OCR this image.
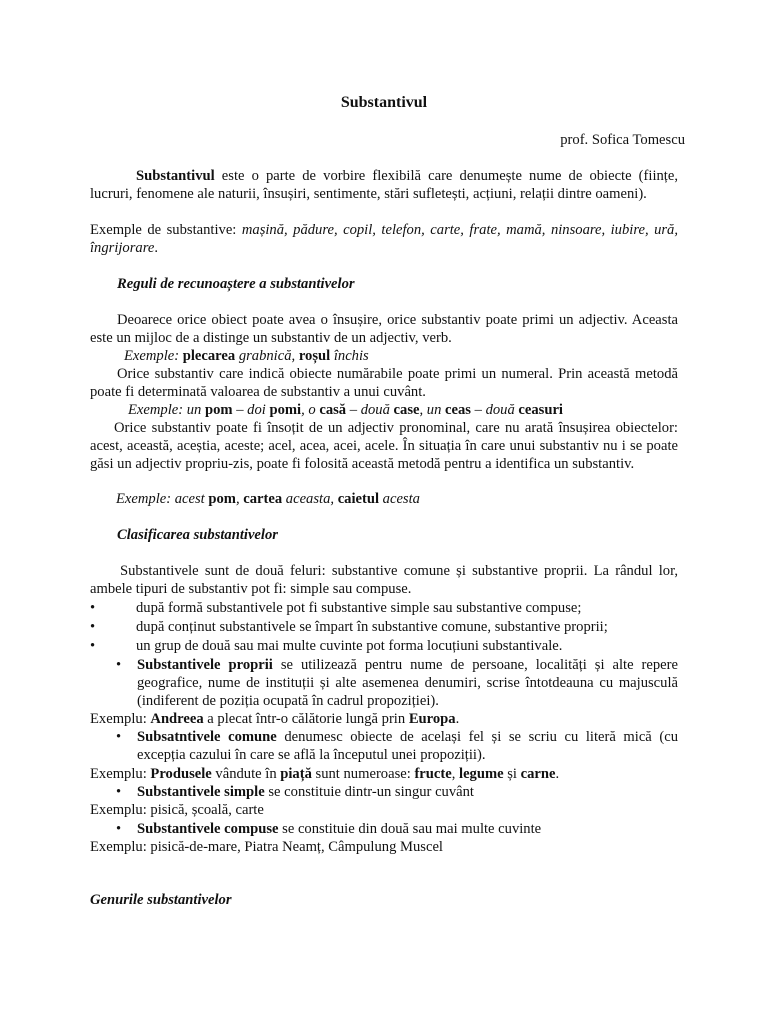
Substantivul
prof. Sofica Tomescu

Substantivul este o parte de vorbire flexibilă care denumește nume de obiecte (ființe, lucruri, fenomene ale naturii, însușiri, sentimente, stări sufletești, acțiuni, relații dintre oameni).

Exemple de substantive: mașină, pădure, copil, telefon, carte, frate, mamă, ninsoare, iubire, ură, îngrijorare.

Reguli de recunoaștere a substantivelor

Deoarece orice obiect poate avea o însușire, orice substantiv poate primi un adjectiv. Aceasta este un mijloc de a distinge un substantiv de un adjectiv, verb.

Exemple: plecarea grabnică, roșul închis

Orice substantiv care indică obiecte numărabile poate primi un numeral. Prin această metodă poate fi determinată valoarea de substantiv a unui cuvânt.

Exemple: un pom – doi pomi, o casă – două case, un ceas – două ceasuri

Orice substantiv poate fi însoțit de un adjectiv pronominal, care nu arată însușirea obiectelor: acest, această, aceștia, aceste; acel, acea, acei, acele. În situația în care unui substantiv nu i se poate găsi un adjectiv propriu-zis, poate fi folosită această metodă pentru a identifica un substantiv.

Exemple: acest pom, cartea aceasta, caietul acesta
Clasificarea substantivelor

Substantivele sunt de două feluri: substantive comune și substantive proprii. La rândul lor, ambele tipuri de substantiv pot fi: simple sau compuse.

•	după formă substantivele pot fi substantive simple sau substantive compuse;
•	după conținut substantivele se împart în substantive comune, substantive proprii;
•	un grup de două sau mai multe cuvinte pot forma locuțiuni substantivale.
• Substantivele proprii se utilizează pentru nume de persoane, localități și alte repere geografice, nume de instituții și alte asemenea denumiri, scrise întotdeauna cu majusculă (indiferent de poziția ocupată în cadrul propoziției).

Exemplu: Andreea a plecat într-o călătorie lungă prin Europa.
• Subsatntivele comune denumesc obiecte de același fel și se scriu cu literă mică (cu excepția cazului în care se află la începutul unei propoziții).

Exemplu: Produsele vândute în piață sunt numeroase: fructe, legume și carne.
• Substantivele simple se constituie dintr-un singur cuvânt

Exemplu: pisică, școală, carte
• Substantivele compuse se constituie din două sau mai multe cuvinte

Exemplu: pisică-de-mare, Piatra Neamț, Câmpulung Muscel
Genurile substantivelor
